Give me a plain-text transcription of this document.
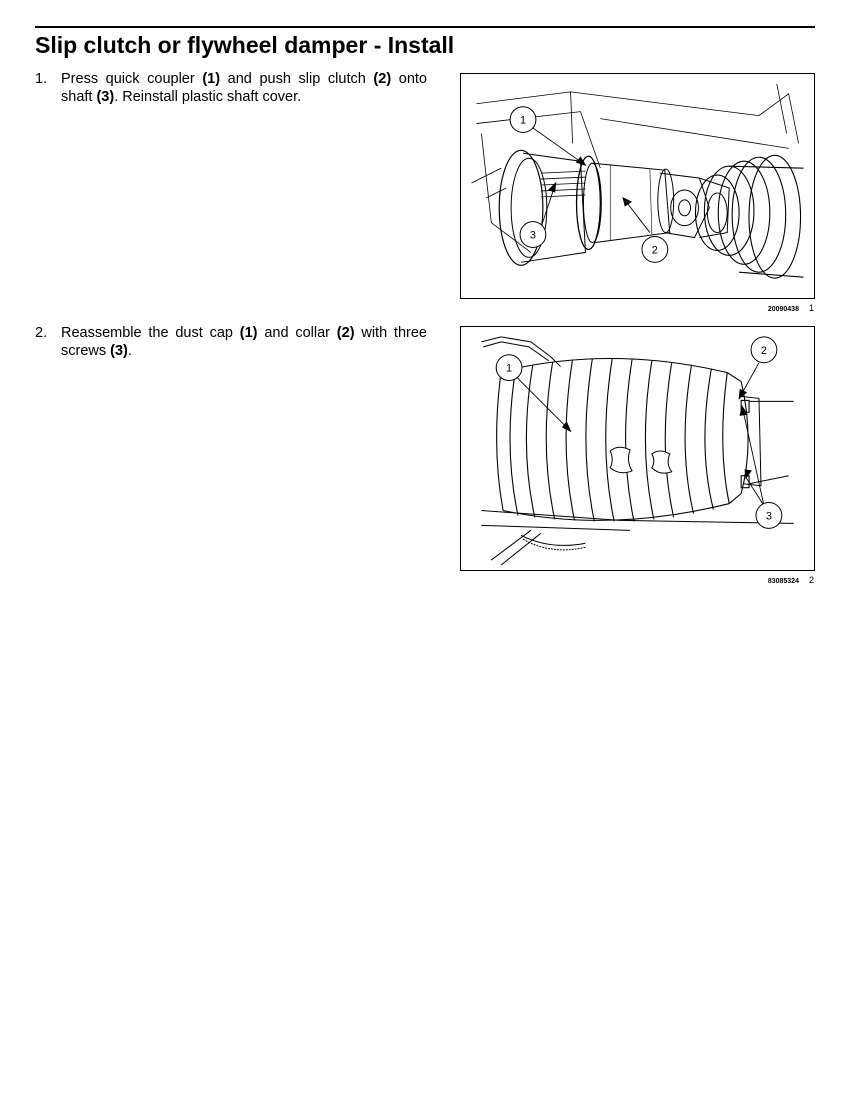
Slip clutch or flywheel damper - Install
1. Press quick coupler (1) and push slip clutch (2) onto shaft (3). Reinstall plastic shaft cover.
1
3
2
20090438 1
2. Reassemble the dust cap (1) and collar (2) with three screws (3).
1
2
3
83085324 2
